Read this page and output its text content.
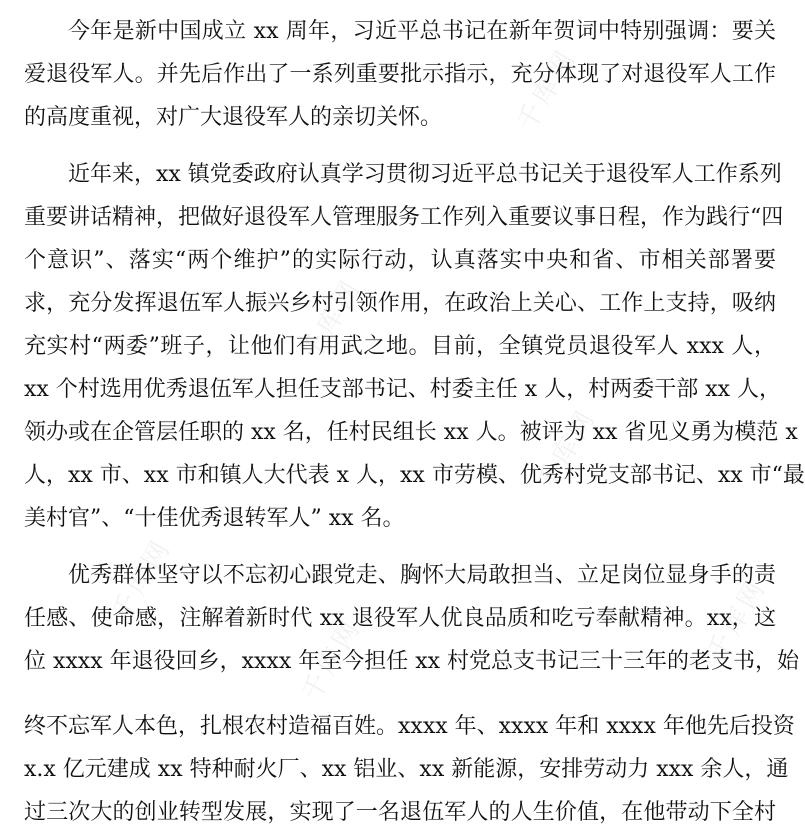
今年是新中国成立 xx 周年，习近平总书记在新年贺词中特别强调：要关
爱退役军人。并先后作出了一系列重要批示指示，充分体现了对退役军人工作
的高度重视，对广大退役军人的亲切关怀。
近年来，xx 镇党委政府认真学习贯彻习近平总书记关于退役军人工作系列
重要讲话精神，把做好退役军人管理服务工作列入重要议事日程，作为践行“四
个意识”、落实“两个维护”的实际行动，认真落实中央和省、市相关部署要
求，充分发挥退伍军人振兴乡村引领作用，在政治上关心、工作上支持，吸纳
充实村“两委”班子，让他们有用武之地。目前，全镇党员退役军人 xxx 人，
xx 个村选用优秀退伍军人担任支部书记、村委主任 x 人，村两委干部 xx 人，
领办或在企管层任职的 xx 名，任村民组长 xx 人。被评为 xx 省见义勇为模范 x
人，xx 市、xx 市和镇人大代表 x 人，xx 市劳模、优秀村党支部书记、xx 市“最
美村官”、“十佳优秀退转军人” xx 名。
优秀群体坚守以不忘初心跟党走、胸怀大局敢担当、立足岗位显身手的责
任感、使命感，注解着新时代 xx 退役军人优良品质和吃亏奉献精神。xx，这
位 xxxx 年退役回乡，xxxx 年至今担任 xx 村党总支书记三十三年的老支书，始
终不忘军人本色，扎根农村造福百姓。xxxx 年、xxxx 年和 xxxx 年他先后投资
x.x 亿元建成 xx 特种耐火厂、xx 铝业、xx 新能源，安排劳动力 xxx 余人，通
过三次大的创业转型发展，实现了一名退伍军人的人生价值，在他带动下全村
千库网
千库网
千库网
千库网
千库网
千库网
